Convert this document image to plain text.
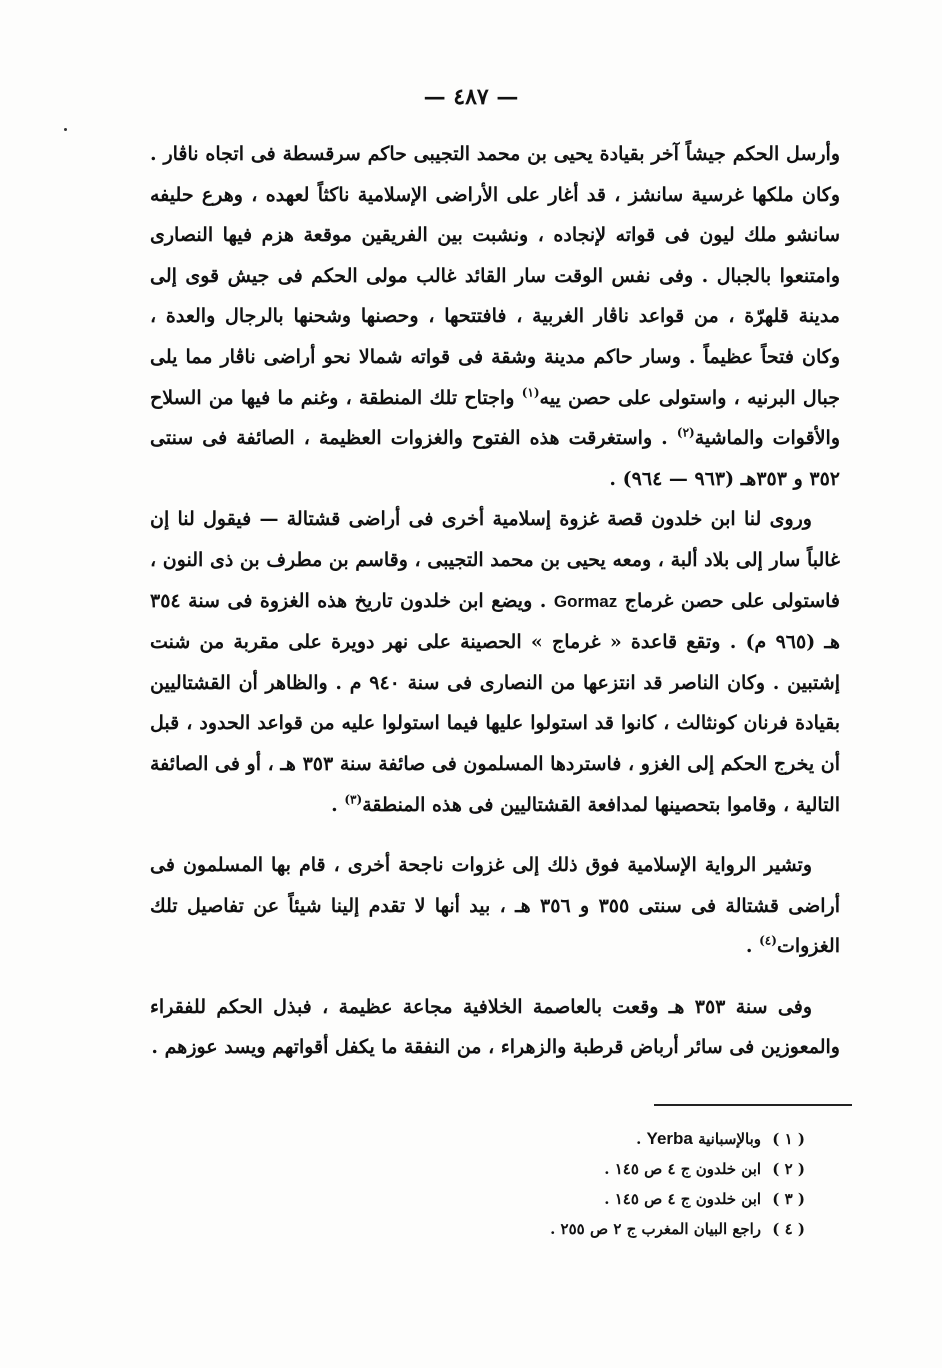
— ٤٨٧ —

وأرسل الحكم جيشاً آخر بقيادة يحيى بن محمد التجيبى حاكم سرقسطة فى اتجاه ناڤار . وكان ملكها غرسية سانشز ، قد أغار على الأراضى الإسلامية ناكثاً لعهده ، وهرع حليفه سانشو ملك ليون فى قواته لإنجاده ، ونشبت بين الفريقين موقعة هزم فيها النصارى وامتنعوا بالجبال . وفى نفس الوقت سار القائد غالب مولى الحكم فى جيش قوى إلى مدينة قلهرّة ، من قواعد ناڤار الغربية ، فافتتحها ، وحصنها وشحنها بالرجال والعدة ، وكان فتحاً عظيماً . وسار حاكم مدينة وشقة فى قواته شمالا نحو أراضى ناڤار مما يلى جبال البرنيه ، واستولى على حصن ييه$^{(١)}$ واجتاح تلك المنطقة ، وغنم ما فيها من السلاح والأقوات والماشية$^{(٢)}$ . واستغرقت هذه الفتوح والغزوات العظيمة ، الصائفة فى سنتى ٣٥٢ و ٣٥٣هـ (٩٦٣ — ٩٦٤) .

وروى لنا ابن خلدون قصة غزوة إسلامية أخرى فى أراضى قشتالة — فيقول لنا إن غالباً سار إلى بلاد ألبة ، ومعه يحيى بن محمد التجيبى ، وقاسم بن مطرف بن ذى النون ، فاستولى على حصن غرماج Gormaz . ويضع ابن خلدون تاريخ هذه الغزوة فى سنة ٣٥٤ هـ (٩٦٥ م) . وتقع قاعدة « غرماج » الحصينة على نهر دويرة على مقربة من شنت إشتبين . وكان الناصر قد انتزعها من النصارى فى سنة ٩٤٠ م . والظاهر أن القشتاليين بقيادة فرنان كونثالث ، كانوا قد استولوا عليها فيما استولوا عليه من قواعد الحدود ، قبل أن يخرج الحكم إلى الغزو ، فاستردها المسلمون فى صائفة سنة ٣٥٣ هـ ، أو فى الصائفة التالية ، وقاموا بتحصينها لمدافعة القشتاليين فى هذه المنطقة$^{(٣)}$ .

وتشير الرواية الإسلامية فوق ذلك إلى غزوات ناجحة أخرى ، قام بها المسلمون فى أراضى قشتالة فى سنتى ٣٥٥ و ٣٥٦ هـ ، بيد أنها لا تقدم إلينا شيئاً عن تفاصيل تلك الغزوات$^{(٤)}$ .

وفى سنة ٣٥٣ هـ وقعت بالعاصمة الخلافية مجاعة عظيمة ، فبذل الحكم للفقراء والمعوزين فى سائر أرباض قرطبة والزهراء ، من النفقة ما يكفل أقواتهم ويسد عوزهم .

( ١ ) وبالإسبانية Yerba .
( ٢ ) ابن خلدون ج ٤ ص ١٤٥ .
( ٣ ) ابن خلدون ج ٤ ص ١٤٥ .
( ٤ ) راجع البيان المغرب ج ٢ ص ٢٥٥ .
